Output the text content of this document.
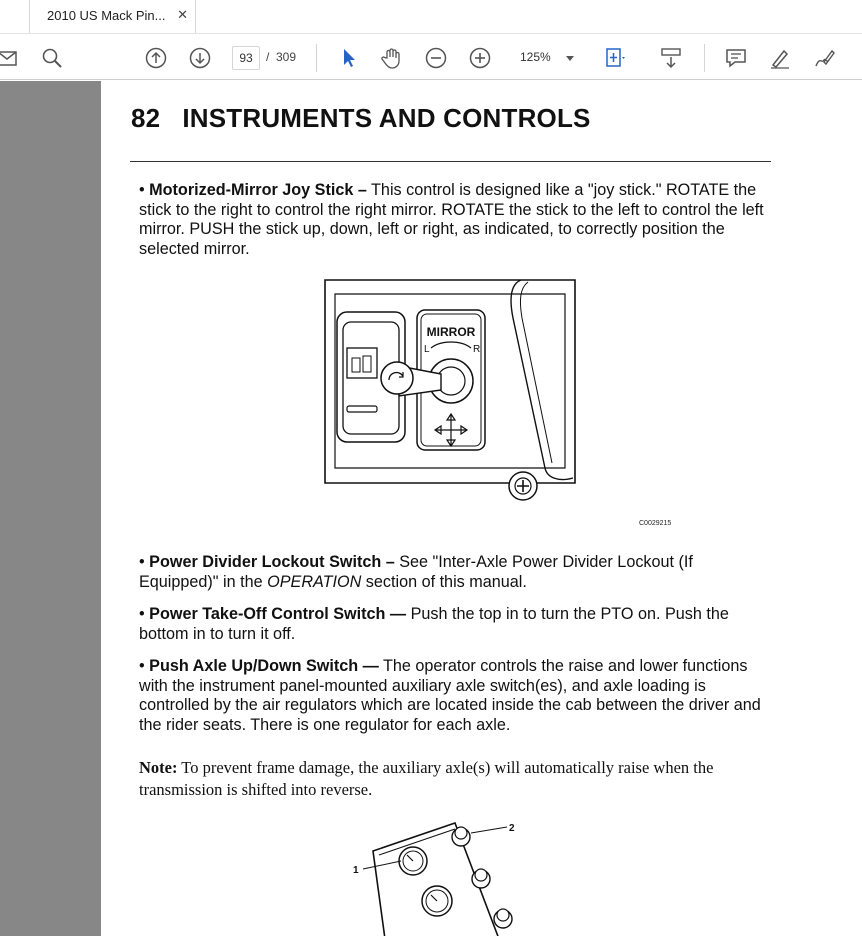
2010 US Mack Pin... ✕
93	/ 309	125%
82 INSTRUMENTS AND CONTROLS
• Motorized-Mirror Joy Stick – This control is designed like a "joy stick." ROTATE the stick to the right to control the right mirror. ROTATE the stick to the left to control the left mirror. PUSH the stick up, down, left or right, as indicated, to correctly position the selected mirror.
MIRROR
L	R
C0029215
• Power Divider Lockout Switch – See "Inter-Axle Power Divider Lockout (If Equipped)" in the OPERATION section of this manual.
• Power Take-Off Control Switch — Push the top in to turn the PTO on. Push the bottom in to turn it off.
• Push Axle Up/Down Switch — The operator controls the raise and lower functions with the instrument panel-mounted auxiliary axle switch(es), and axle loading is controlled by the air regulators which are located inside the cab between the driver and the rider seats. There is one regulator for each axle.
Note: To prevent frame damage, the auxiliary axle(s) will automatically raise when the transmission is shifted into reverse.
1
2
